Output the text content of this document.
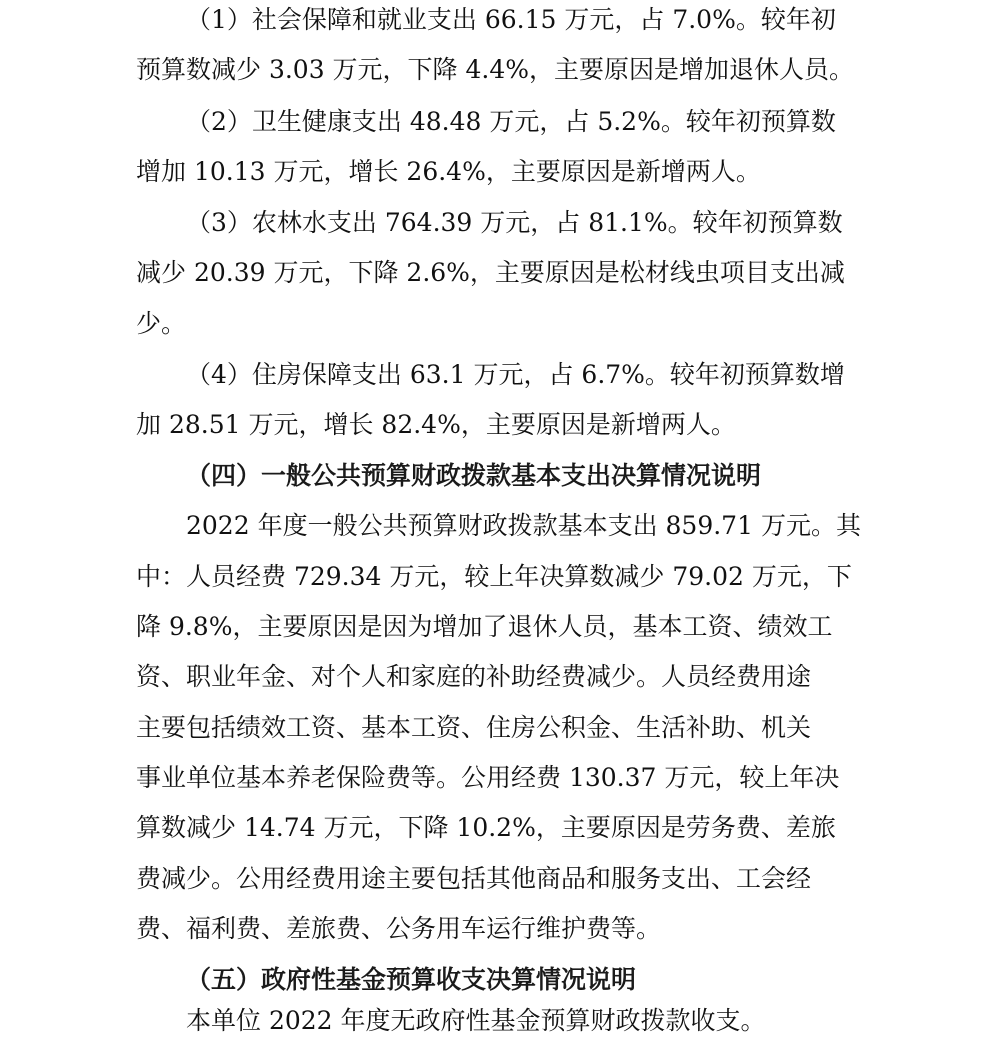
（1）社会保障和就业支出 66.15 万元，占 7.0%。较年初
预算数减少 3.03 万元，下降 4.4%，主要原因是增加退休人员。
（2）卫生健康支出 48.48 万元，占 5.2%。较年初预算数
增加 10.13 万元，增长 26.4%，主要原因是新增两人。
（3）农林水支出 764.39 万元，占 81.1%。较年初预算数
减少 20.39 万元，下降 2.6%，主要原因是松材线虫项目支出减
少。
（4）住房保障支出 63.1 万元，占 6.7%。较年初预算数增
加 28.51 万元，增长 82.4%，主要原因是新增两人。
（四）一般公共预算财政拨款基本支出决算情况说明
2022 年度一般公共预算财政拨款基本支出 859.71 万元。其
中：人员经费 729.34 万元，较上年决算数减少 79.02 万元，下
降 9.8%，主要原因是因为增加了退休人员，基本工资、绩效工
资、职业年金、对个人和家庭的补助经费减少。人员经费用途
主要包括绩效工资、基本工资、住房公积金、生活补助、机关
事业单位基本养老保险费等。公用经费 130.37 万元，较上年决
算数减少 14.74 万元，下降 10.2%，主要原因是劳务费、差旅
费减少。公用经费用途主要包括其他商品和服务支出、工会经
费、福利费、差旅费、公务用车运行维护费等。
（五）政府性基金预算收支决算情况说明
本单位 2022 年度无政府性基金预算财政拨款收支。
